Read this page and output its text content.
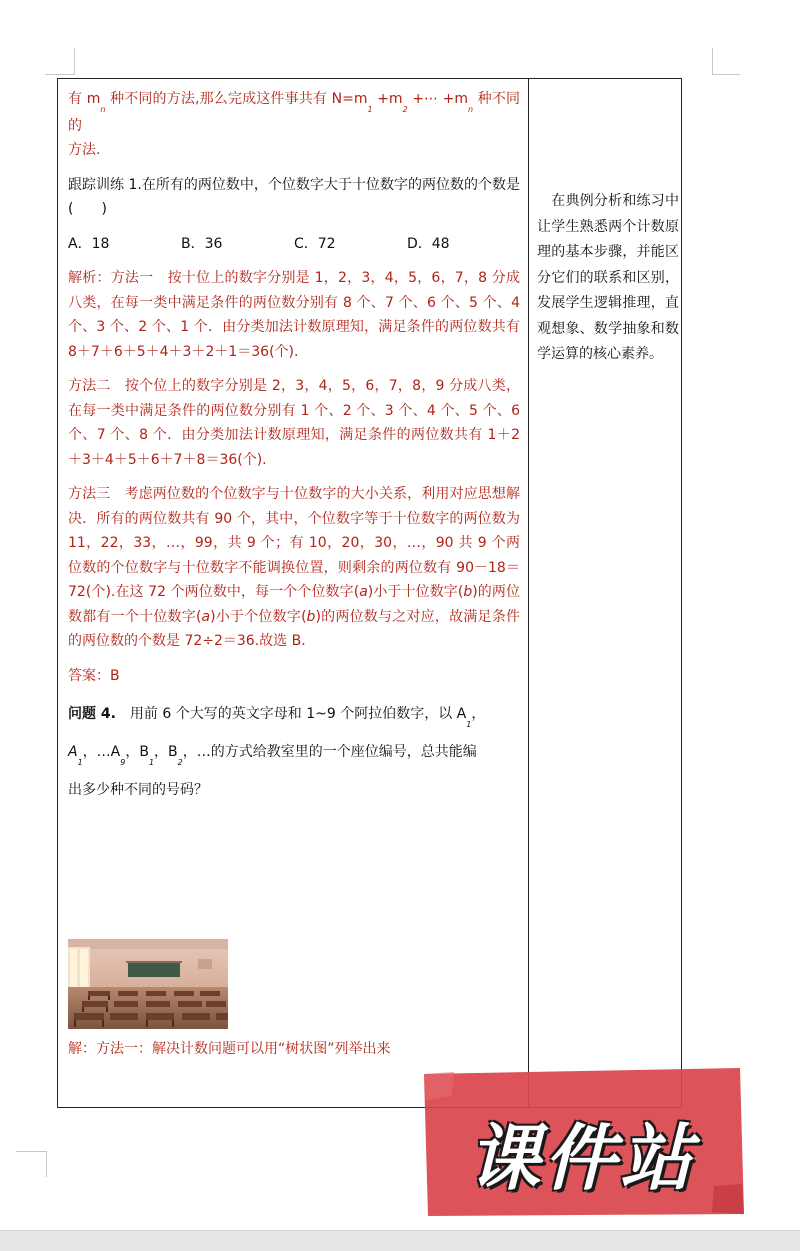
有 $m_n$ 种不同的方法,那么完成这件事共有 $N=m_1 +m_2$ +⋯ $+m_n$ 种不同的

方法.

跟踪训练 1.在所有的两位数中，个位数字大于十位数字的两位数的个数是(　　)

A．18	B．36	C．72	D．48

解析：方法一　按十位上的数字分别是 1，2，3，4，5，6，7，8 分成八类，在每一类中满足条件的两位数分别有 8 个、7 个、6 个、5 个、4 个、3 个、2 个、1 个．由分类加法计数原理知，满足条件的两位数共有 8＋7＋6＋5＋4＋3＋2＋1＝36(个).

方法二　按个位上的数字分别是 2，3，4，5，6，7，8，9 分成八类，在每一类中满足条件的两位数分别有 1 个、2 个、3 个、4 个、5 个、6 个、7 个、8 个．由分类加法计数原理知，满足条件的两位数共有 1＋2＋3＋4＋5＋6＋7＋8＝36(个).

方法三　考虑两位数的个位数字与十位数字的大小关系，利用对应思想解决．所有的两位数共有 90 个，其中，个位数字等于十位数字的两位数为 11，22，33，…，99，共 9 个；有 10，20，30，…，90 共 9 个两位数的个位数字与十位数字不能调换位置，则剩余的两位数有 90－18＝72(个).在这 72 个两位数中，每一个个位数字(a)小于十位数字(b)的两位数都有一个十位数字(a)小于个位数字(b)的两位数与之对应，故满足条件的两位数的个数是 72÷2＝36.故选 B.

答案：B

问题 4.　用前 6 个大写的英文字母和 1~9 个阿拉伯数字，以 $A_1$，

$A_1$，$\dots A_9$，$B_1$，$B_2$，…的方式给教室里的一个座位编号，总共能编

出多少种不同的号码？

解：方法一：解决计数问题可以用“树状图”列举出来

　在典例分析和练习中让学生熟悉两个计数原理的基本步骤，并能区分它们的联系和区别，发展学生逻辑推理，直观想象、数学抽象和数学运算的核心素养。
课件站
